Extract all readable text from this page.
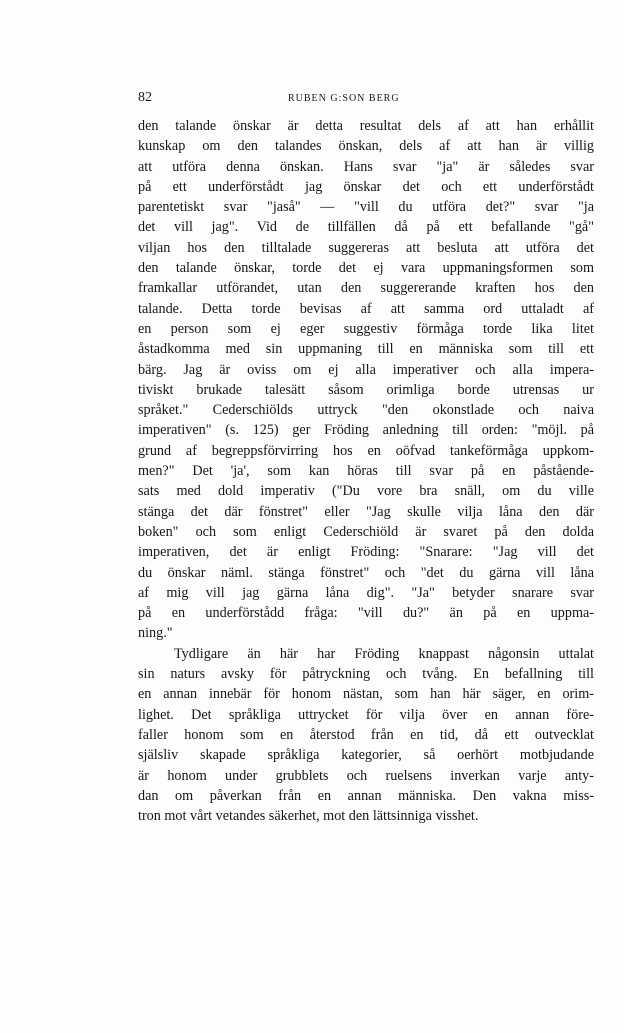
82	RUBEN G:SON BERG
den talande önskar är detta resultat dels af att han erhållit
kunskap om den talandes önskan, dels af att han är villig
att utföra denna önskan. Hans svar "ja" är således svar
på ett underförstådt jag önskar det och ett underförstådt
parentetiskt svar "jaså" — "vill du utföra det?" svar "ja
det vill jag". Vid de tillfällen då på ett befallande "gå"
viljan hos den tilltalade suggereras att besluta att utföra det
den talande önskar, torde det ej vara uppmaningsformen som
framkallar utförandet, utan den suggererande kraften hos den
talande. Detta torde bevisas af att samma ord uttaladt af
en person som ej eger suggestiv förmåga torde lika litet
åstadkomma med sin uppmaning till en människa som till ett
bärg. Jag är oviss om ej alla imperativer och alla impera-
tiviskt brukade talesätt såsom orimliga borde utrensas ur
språket." Cederschiölds uttryck "den okonstlade och naiva
imperativen" (s. 125) ger Fröding anledning till orden: "möjl. på
grund af begreppsförvirring hos en oöfvad tankeförmåga uppkom-
men?" Det 'ja', som kan höras till svar på en påstående-
sats med dold imperativ ("Du vore bra snäll, om du ville
stänga det där fönstret" eller "Jag skulle vilja låna den där
boken" och som enligt Cederschiöld är svaret på den dolda
imperativen, det är enligt Fröding: "Snarare: "Jag vill det
du önskar näml. stänga fönstret" och "det du gärna vill låna
af mig vill jag gärna låna dig". "Ja" betyder snarare svar
på en underförstådd fråga: "vill du?" än på en uppma-
ning."
Tydligare än här har Fröding knappast någonsin uttalat
sin naturs avsky för påtryckning och tvång. En befallning till
en annan innebär för honom nästan, som han här säger, en orim-
lighet. Det språkliga uttrycket för vilja över en annan före-
faller honom som en återstod från en tid, då ett outvecklat
själsliv skapade språkliga kategorier, så oerhört motbjudande
är honom under grubblets och ruelsens inverkan varje anty-
dan om påverkan från en annan människa. Den vakna miss-
tron mot vårt vetandes säkerhet, mot den lättsinniga visshet.
